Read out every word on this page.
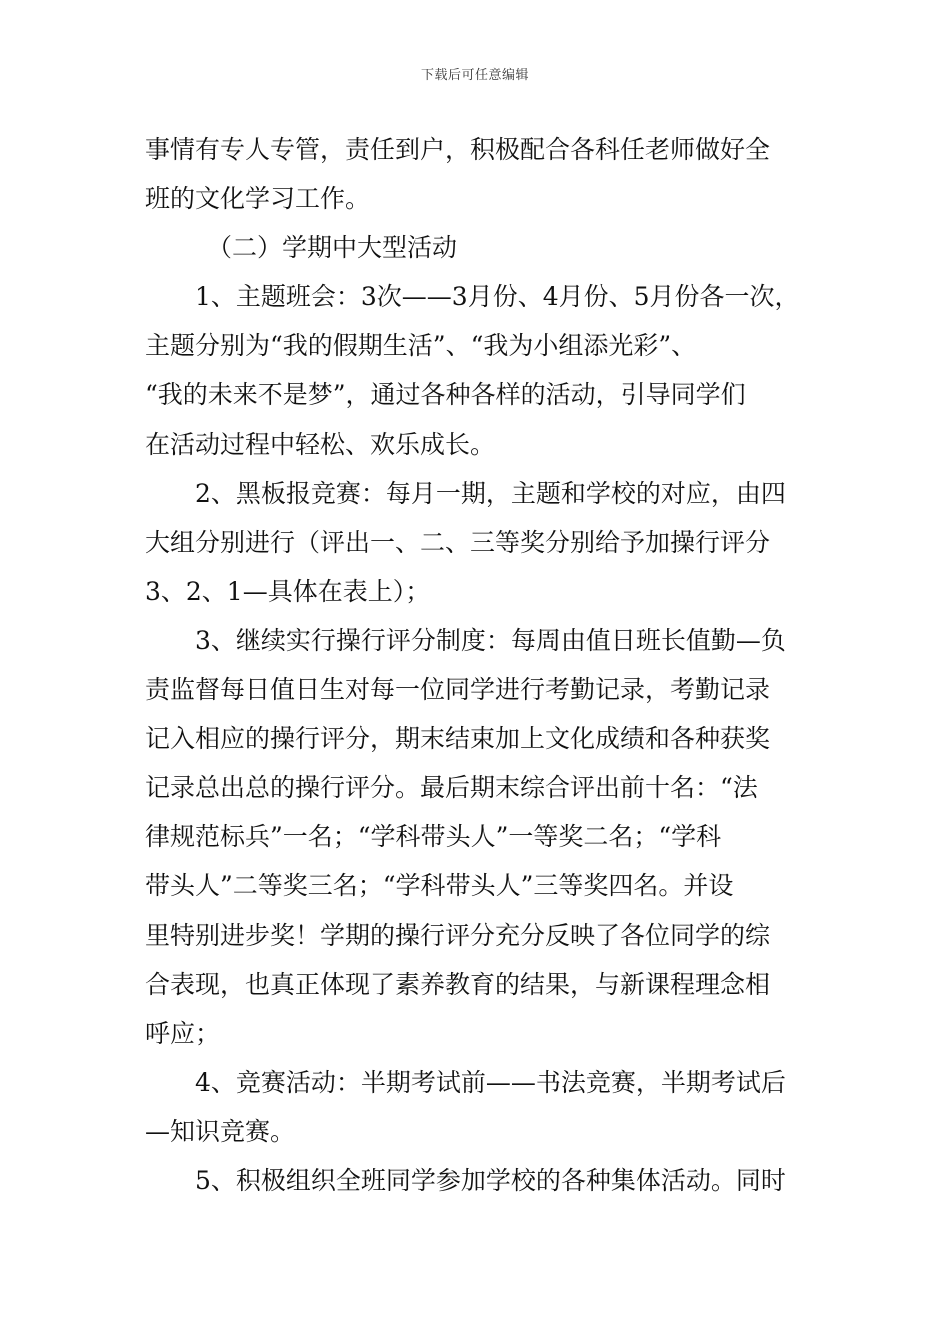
下载后可任意编辑
事情有专人专管，责任到户，积极配合各科任老师做好全
班的文化学习工作。
（二）学期中大型活动
1、主题班会：3次——3月份、4月份、5月份各一次，
主题分别为“我的假期生活”、“我为小组添光彩”、
“我的未来不是梦”，通过各种各样的活动，引导同学们
在活动过程中轻松、欢乐成长。
2、黑板报竞赛：每月一期，主题和学校的对应，由四
大组分别进行（评出一、二、三等奖分别给予加操行评分
3、2、1—具体在表上）；
3、继续实行操行评分制度：每周由值日班长值勤—负
责监督每日值日生对每一位同学进行考勤记录，考勤记录
记入相应的操行评分，期末结束加上文化成绩和各种获奖
记录总出总的操行评分。最后期末综合评出前十名：“法
律规范标兵”一名；“学科带头人”一等奖二名；“学科
带头人”二等奖三名；“学科带头人”三等奖四名。并设
里特别进步奖！学期的操行评分充分反映了各位同学的综
合表现，也真正体现了素养教育的结果，与新课程理念相
呼应；
4、竞赛活动：半期考试前——书法竞赛，半期考试后
—知识竞赛。
5、积极组织全班同学参加学校的各种集体活动。同时
